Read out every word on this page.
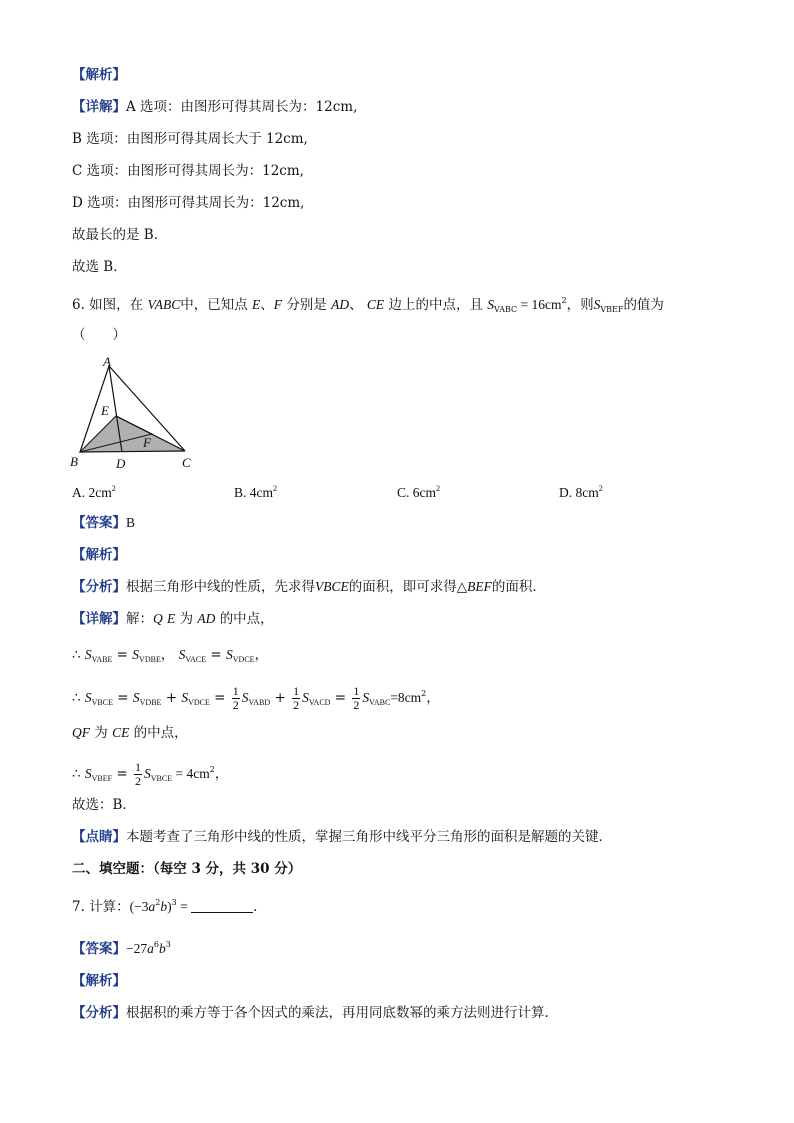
【解析】
【详解】A 选项：由图形可得其周长为：12cm,
B 选项：由图形可得其周长大于 12cm,
C 选项：由图形可得其周长为：12cm,
D 选项：由图形可得其周长为：12cm,
故最长的是 B．
故选 B．
6. 如图，在 VABC中，已知点 E、F 分别是 AD、 CE 边上的中点，且 $S_{VABC} = 16cm^2$，则$S_{VBEF}$的值为
（　　）
A
E
F
B	D	C
A. $2cm^2$	B. $4cm^2$	C. $6cm^2$	D. $8cm^2$
【答案】B
【解析】
【分析】根据三角形中线的性质，先求得VBCE的面积，即可求得△BEF的面积．
【详解】解：Q E 为 AD 的中点，
∴ $S_{VABE} = S_{VDBE}$， $S_{VACE} = S_{VDCE}$，
∴ $S_{VBCE} = S_{VDBE} + S_{VDCE} = \frac{1}{2} S_{VABD} + \frac{1}{2} S_{VACD} = \frac{1}{2} S_{VABC}=8cm^2$，
QF 为 CE 的中点，
∴ $S_{VBEF} = \frac{1}{2} S_{VBCE} = 4cm^2$，
故选：B．
【点睛】本题考查了三角形中线的性质，掌握三角形中线平分三角形的面积是解题的关键．
二、填空题：（每空 3 分，共 30 分）
7. 计算：$(-3a^2b)^3$ =	.
【答案】$-27a^6b^3$
【解析】
【分析】根据积的乘方等于各个因式的乘法，再用同底数幂的乘方法则进行计算.
